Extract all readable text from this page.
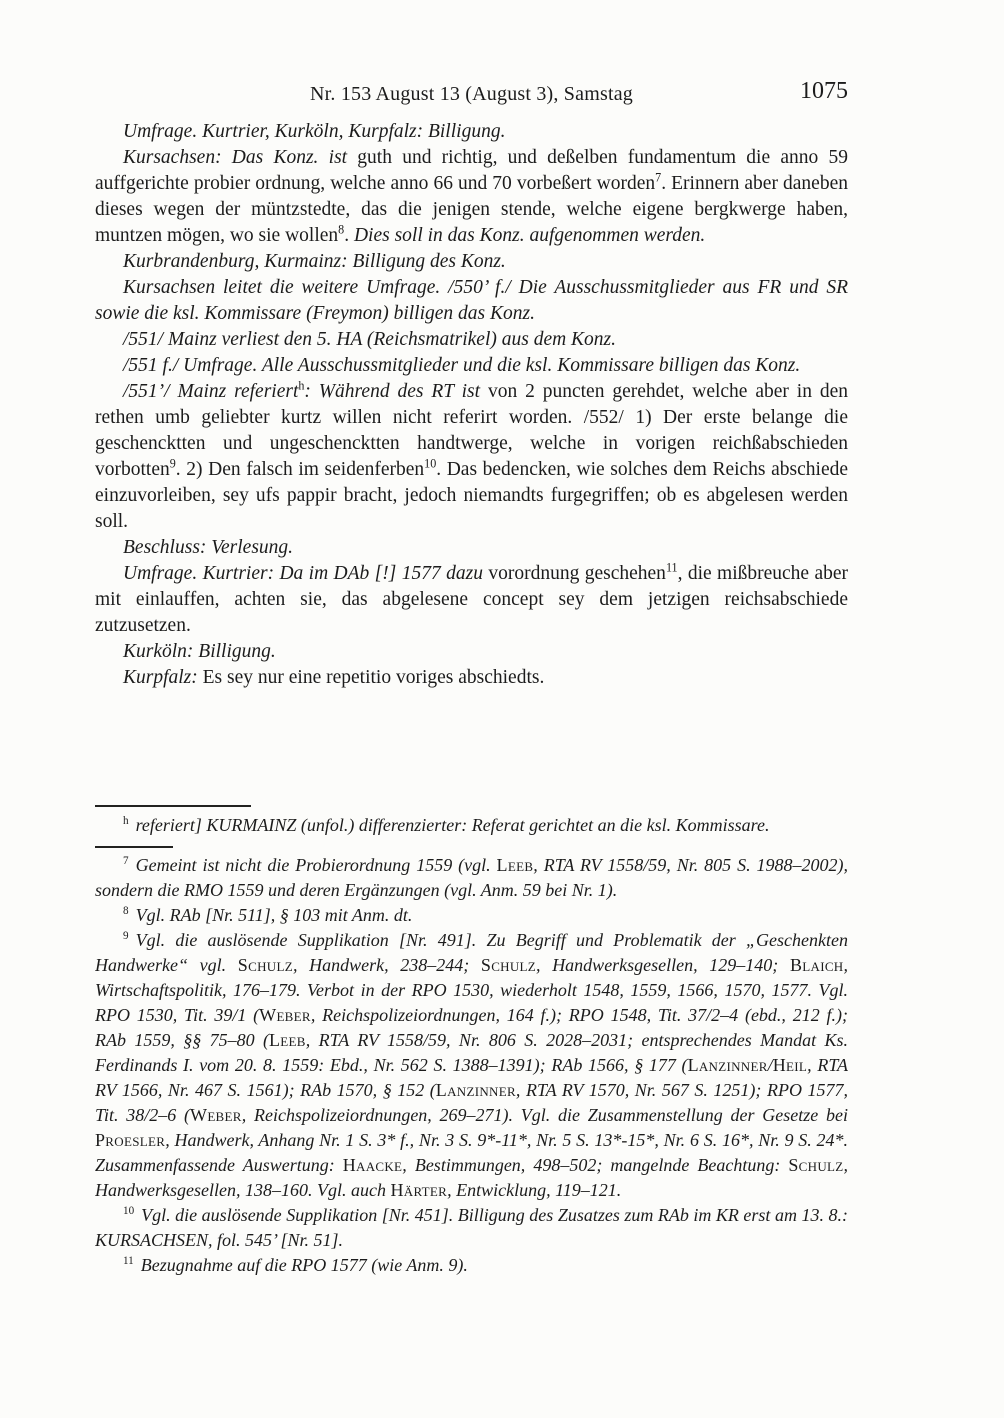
Nr. 153 August 13 (August 3), Samstag	1075

Umfrage. Kurtrier, Kurköln, Kurpfalz: Billigung.

Kursachsen: Das Konz. ist guth und richtig, und deßelben fundamentum die anno 59 auffgerichte probier ordnung, welche anno 66 und 70 vorbeßert worden$^7$. Erinnern aber daneben dieses wegen der müntzstedte, das die jenigen stende, welche eigene bergkwerge haben, muntzen mögen, wo sie wollen$^8$. Dies soll in das Konz. aufgenommen werden.

Kurbrandenburg, Kurmainz: Billigung des Konz.

Kursachsen leitet die weitere Umfrage. /550’ f./ Die Ausschussmitglieder aus FR und SR sowie die ksl. Kommissare (Freymon) billigen das Konz.

/551/ Mainz verliest den 5. HA (Reichsmatrikel) aus dem Konz.

/551 f./ Umfrage. Alle Ausschussmitglieder und die ksl. Kommissare billigen das Konz.

/551’/ Mainz referiert$^h$: Während des RT ist von 2 puncten gerehdet, welche aber in den rethen umb geliebter kurtz willen nicht referirt worden. /552/ 1) Der erste belange die geschencktten und ungeschencktten handtwerge, welche in vorigen reichßabschieden vorbotten$^9$. 2) Den falsch im seidenferben$^{10}$. Das bedencken, wie solches dem Reichs abschiede einzuvorleiben, sey ufs pappir bracht, jedoch niemandts furgegriffen; ob es abgelesen werden soll.

Beschluss: Verlesung.

Umfrage. Kurtrier: Da im DAb [!] 1577 dazu vorordnung geschehen$^{11}$, die mißbreuche aber mit einlauffen, achten sie, das abgelesene concept sey dem jetzigen reichsabschiede zutzusetzen.

Kurköln: Billigung.

Kurpfalz: Es sey nur eine repetitio voriges abschiedts.

$^h$ referiert] KURMAINZ (unfol.) differenzierter: Referat gerichtet an die ksl. Kommissare.

$^7$ Gemeint ist nicht die Probierordnung 1559 (vgl. Leeb, RTA RV 1558/59, Nr. 805 S. 1988–2002), sondern die RMO 1559 und deren Ergänzungen (vgl. Anm. 59 bei Nr. 1).

$^8$ Vgl. RAb [Nr. 511], § 103 mit Anm. dt.

$^9$ Vgl. die auslösende Supplikation [Nr. 491]. Zu Begriff und Problematik der „Geschenkten Handwerke“ vgl. Schulz, Handwerk, 238–244; Schulz, Handwerksgesellen, 129–140; Blaich, Wirtschaftspolitik, 176–179. Verbot in der RPO 1530, wiederholt 1548, 1559, 1566, 1570, 1577. Vgl. RPO 1530, Tit. 39/1 (Weber, Reichspolizeiordnungen, 164 f.); RPO 1548, Tit. 37/2–4 (ebd., 212 f.); RAb 1559, §§ 75–80 (Leeb, RTA RV 1558/59, Nr. 806 S. 2028–2031; entsprechendes Mandat Ks. Ferdinands I. vom 20. 8. 1559: Ebd., Nr. 562 S. 1388–1391); RAb 1566, § 177 (Lanzinner/Heil, RTA RV 1566, Nr. 467 S. 1561); RAb 1570, § 152 (Lanzinner, RTA RV 1570, Nr. 567 S. 1251); RPO 1577, Tit. 38/2–6 (Weber, Reichspolizeiordnungen, 269–271). Vgl. die Zusammenstellung der Gesetze bei Proesler, Handwerk, Anhang Nr. 1 S. 3* f., Nr. 3 S. 9*-11*, Nr. 5 S. 13*-15*, Nr. 6 S. 16*, Nr. 9 S. 24*. Zusammenfassende Auswertung: Haacke, Bestimmungen, 498–502; mangelnde Beachtung: Schulz, Handwerksgesellen, 138–160. Vgl. auch Härter, Entwicklung, 119–121.

$^{10}$ Vgl. die auslösende Supplikation [Nr. 451]. Billigung des Zusatzes zum RAb im KR erst am 13. 8.: KURSACHSEN, fol. 545’ [Nr. 51].

$^{11}$ Bezugnahme auf die RPO 1577 (wie Anm. 9).
